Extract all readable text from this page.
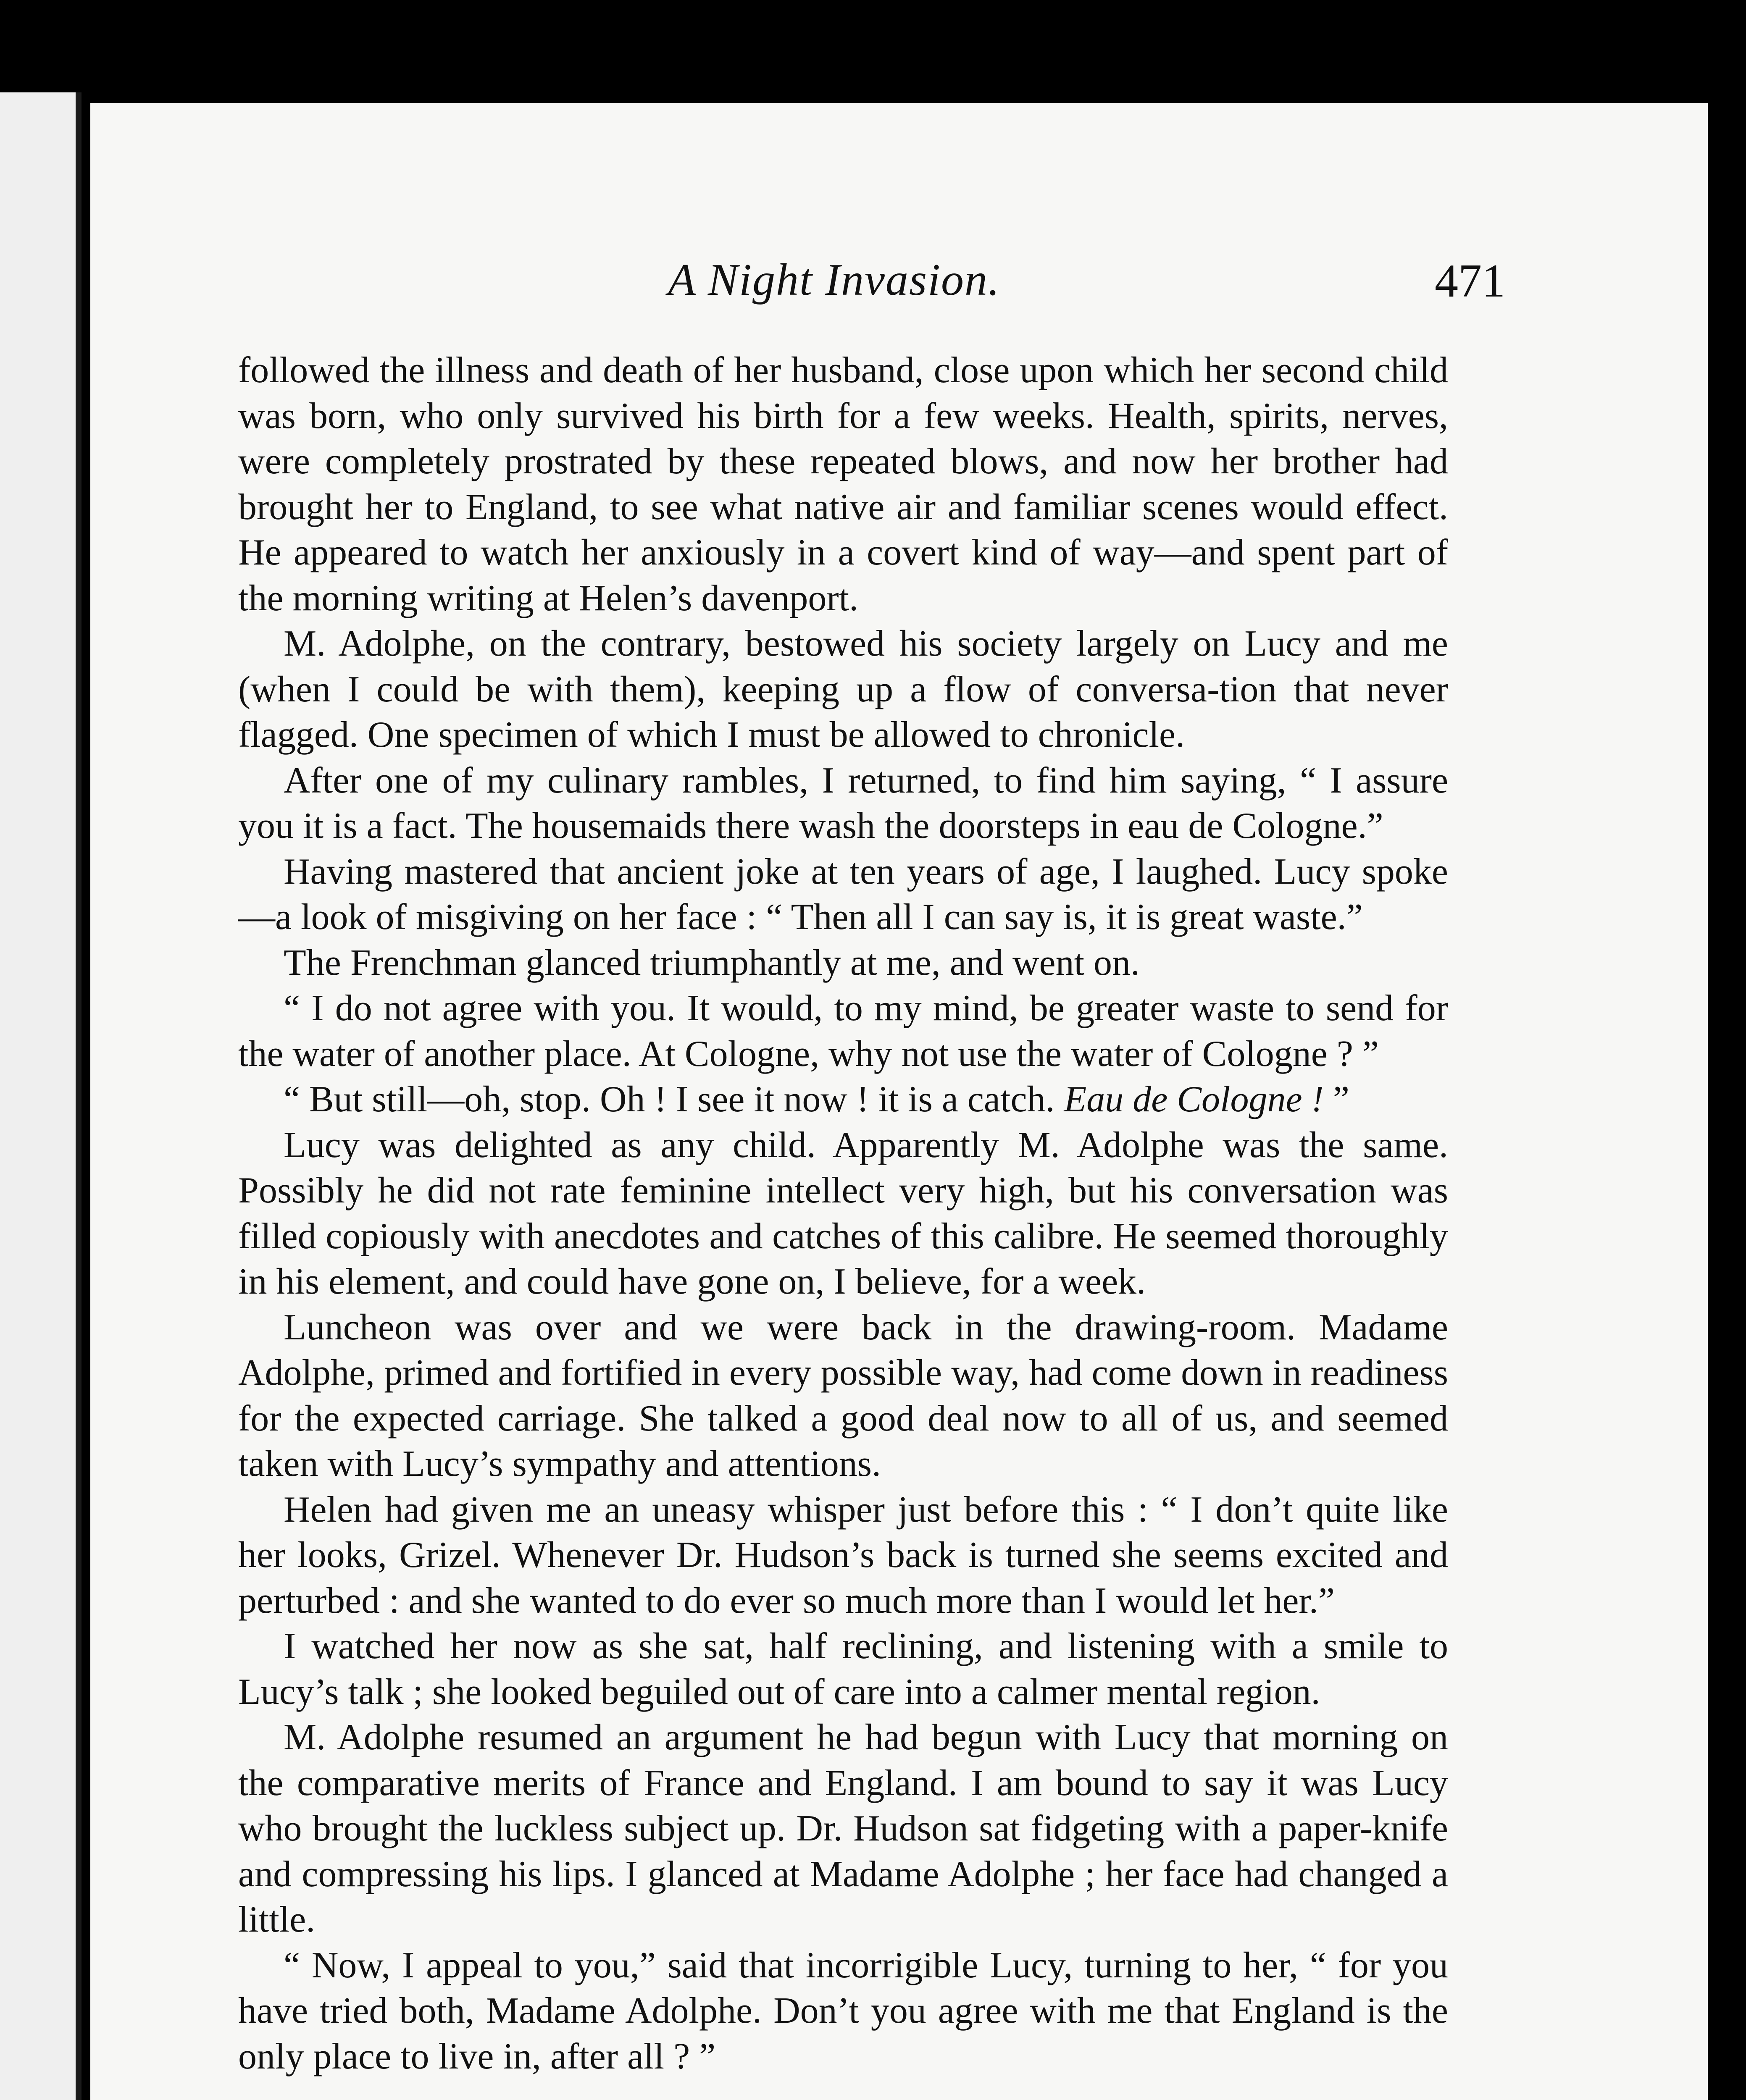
A Night Invasion.	471

followed the illness and death of her husband, close upon which her second child was born, who only survived his birth for a few weeks. Health, spirits, nerves, were completely prostrated by these repeated blows, and now her brother had brought her to England, to see what native air and familiar scenes would effect. He appeared to watch her anxiously in a covert kind of way—and spent part of the morning writing at Helen’s davenport.

M. Adolphe, on the contrary, bestowed his society largely on Lucy and me (when I could be with them), keeping up a flow of conversa-tion that never flagged. One specimen of which I must be allowed to chronicle.

After one of my culinary rambles, I returned, to find him saying, “ I assure you it is a fact. The housemaids there wash the doorsteps in eau de Cologne.”

Having mastered that ancient joke at ten years of age, I laughed. Lucy spoke—a look of misgiving on her face : “ Then all I can say is, it is great waste.”

The Frenchman glanced triumphantly at me, and went on.

“ I do not agree with you. It would, to my mind, be greater waste to send for the water of another place. At Cologne, why not use the water of Cologne ? ”

“ But still—oh, stop. Oh ! I see it now ! it is a catch. Eau de Cologne ! ”

Lucy was delighted as any child. Apparently M. Adolphe was the same. Possibly he did not rate feminine intellect very high, but his conversation was filled copiously with anecdotes and catches of this calibre. He seemed thoroughly in his element, and could have gone on, I believe, for a week.

Luncheon was over and we were back in the drawing-room. Madame Adolphe, primed and fortified in every possible way, had come down in readiness for the expected carriage. She talked a good deal now to all of us, and seemed taken with Lucy’s sympathy and attentions.

Helen had given me an uneasy whisper just before this : “ I don’t quite like her looks, Grizel. Whenever Dr. Hudson’s back is turned she seems excited and perturbed : and she wanted to do ever so much more than I would let her.”

I watched her now as she sat, half reclining, and listening with a smile to Lucy’s talk ; she looked beguiled out of care into a calmer mental region.

M. Adolphe resumed an argument he had begun with Lucy that morning on the comparative merits of France and England. I am bound to say it was Lucy who brought the luckless subject up. Dr. Hudson sat fidgeting with a paper-knife and compressing his lips. I glanced at Madame Adolphe ; her face had changed a little.

“ Now, I appeal to you,” said that incorrigible Lucy, turning to her, “ for you have tried both, Madame Adolphe. Don’t you agree with me that England is the only place to live in, after all ? ”
